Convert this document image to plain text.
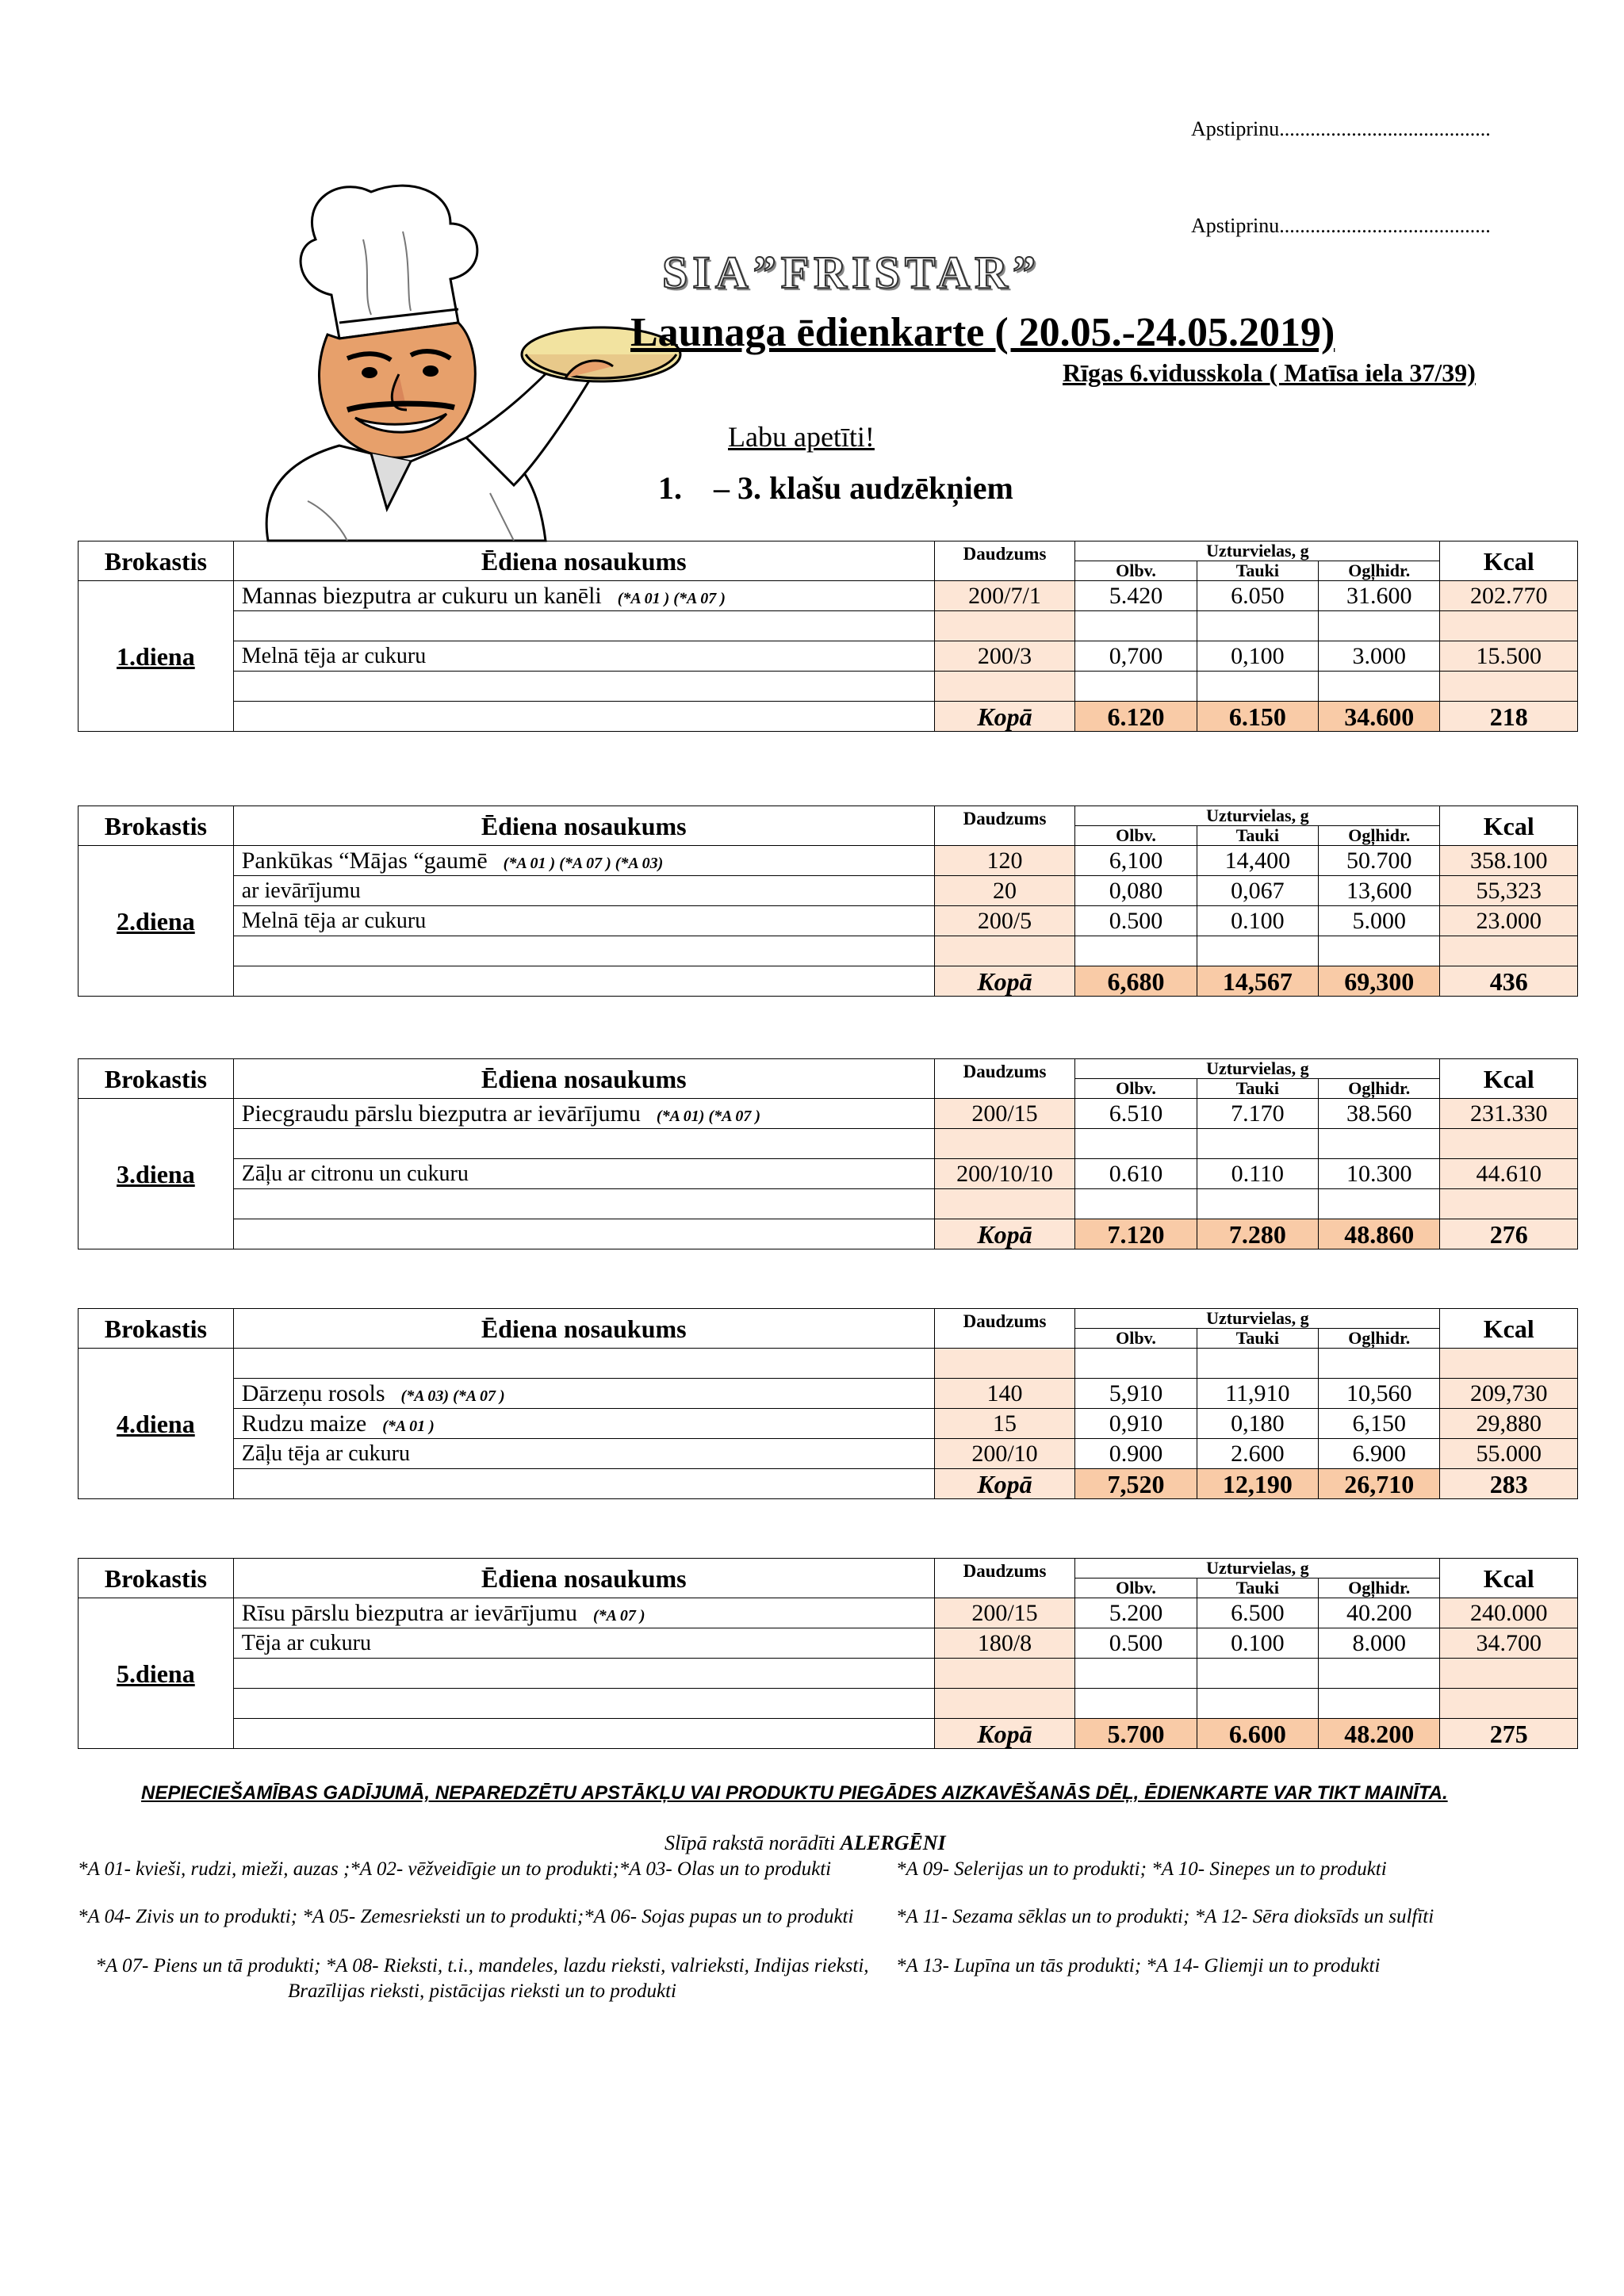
Apstiprinu.........................................
Apstiprinu.........................................
SIA”FRISTAR”
Launaga ēdienkarte ( 20.05.-24.05.2019)
Rīgas 6.vidusskola ( Matīsa iela 37/39)
Labu apetīti!
1.    – 3. klašu audzēkņiem
Brokastis	Ēdiena nosaukums	Daudzums	Uzturvielas, g			Kcal
			Olbv.	Tauki	Ogļhidr.	
1.diena	Mannas biezputra ar cukuru un kanēli (*A 01 ) (*A 07 )	200/7/1	5.420	6.050	31.600	202.770

	Melnā tēja ar cukuru	200/3	0,700	0,100	3.000	15.500

		Kopā	6.120	6.150	34.600	218
Brokastis	Ēdiena nosaukums	Daudzums	Uzturvielas, g			Kcal
			Olbv.	Tauki	Ogļhidr.	
2.diena	Pankūkas “Mājas “gaumē (*A 01 ) (*A 07 ) (*A 03)	120	6,100	14,400	50.700	358.100
	ar ievārījumu	20	0,080	0,067	13,600	55,323
	Melnā tēja ar cukuru	200/5	0.500	0.100	5.000	23.000

		Kopā	6,680	14,567	69,300	436
Brokastis	Ēdiena nosaukums	Daudzums	Uzturvielas, g			Kcal
			Olbv.	Tauki	Ogļhidr.	
3.diena	Piecgraudu pārslu biezputra ar ievārījumu (*A 01) (*A 07 )	200/15	6.510	7.170	38.560	231.330

	Zāļu ar citronu un cukuru	200/10/10	0.610	0.110	10.300	44.610

		Kopā	7.120	7.280	48.860	276
Brokastis	Ēdiena nosaukums	Daudzums	Uzturvielas, g			Kcal
			Olbv.	Tauki	Ogļhidr.	
4.diena						
	Dārzeņu rosols (*A 03) (*A 07 )	140	5,910	11,910	10,560	209,730
	Rudzu maize (*A 01 )	15	0,910	0,180	6,150	29,880
	Zāļu tēja ar cukuru	200/10	0.900	2.600	6.900	55.000
		Kopā	7,520	12,190	26,710	283
Brokastis	Ēdiena nosaukums	Daudzums	Uzturvielas, g			Kcal
			Olbv.	Tauki	Ogļhidr.	
5.diena	Rīsu pārslu biezputra ar ievārījumu (*A 07 )	200/15	5.200	6.500	40.200	240.000
	Tēja ar cukuru	180/8	0.500	0.100	8.000	34.700

		Kopā	5.700	6.600	48.200	275
NEPIECIEŠAMĪBAS GADĪJUMĀ, NEPAREDZĒTU APSTĀKĻU VAI PRODUKTU PIEGĀDES AIZKAVĒŠANĀS DĒĻ, ĒDIENKARTE VAR TIKT MAINĪTA.
Slīpā rakstā norādīti ALERGĒNI
*A 01- kvieši, rudzi, mieži, auzas ;*A 02- vēžveidīgie un to produkti;*A 03- Olas un to produkti
*A 04- Zivis un to produkti; *A 05- Zemesrieksti un to produkti;*A 06- Sojas pupas un to produkti
*A 07- Piens un tā produkti; *A 08- Rieksti, t.i., mandeles, lazdu rieksti, valrieksti, Indijas rieksti, Brazīlijas rieksti, pistācijas rieksti un to produkti
*A 09- Selerijas un to produkti; *A 10- Sinepes un to produkti
*A 11- Sezama sēklas un to produkti; *A 12- Sēra dioksīds un sulfīti
*A 13- Lupīna un tās produkti; *A 14- Gliemji un to produkti
